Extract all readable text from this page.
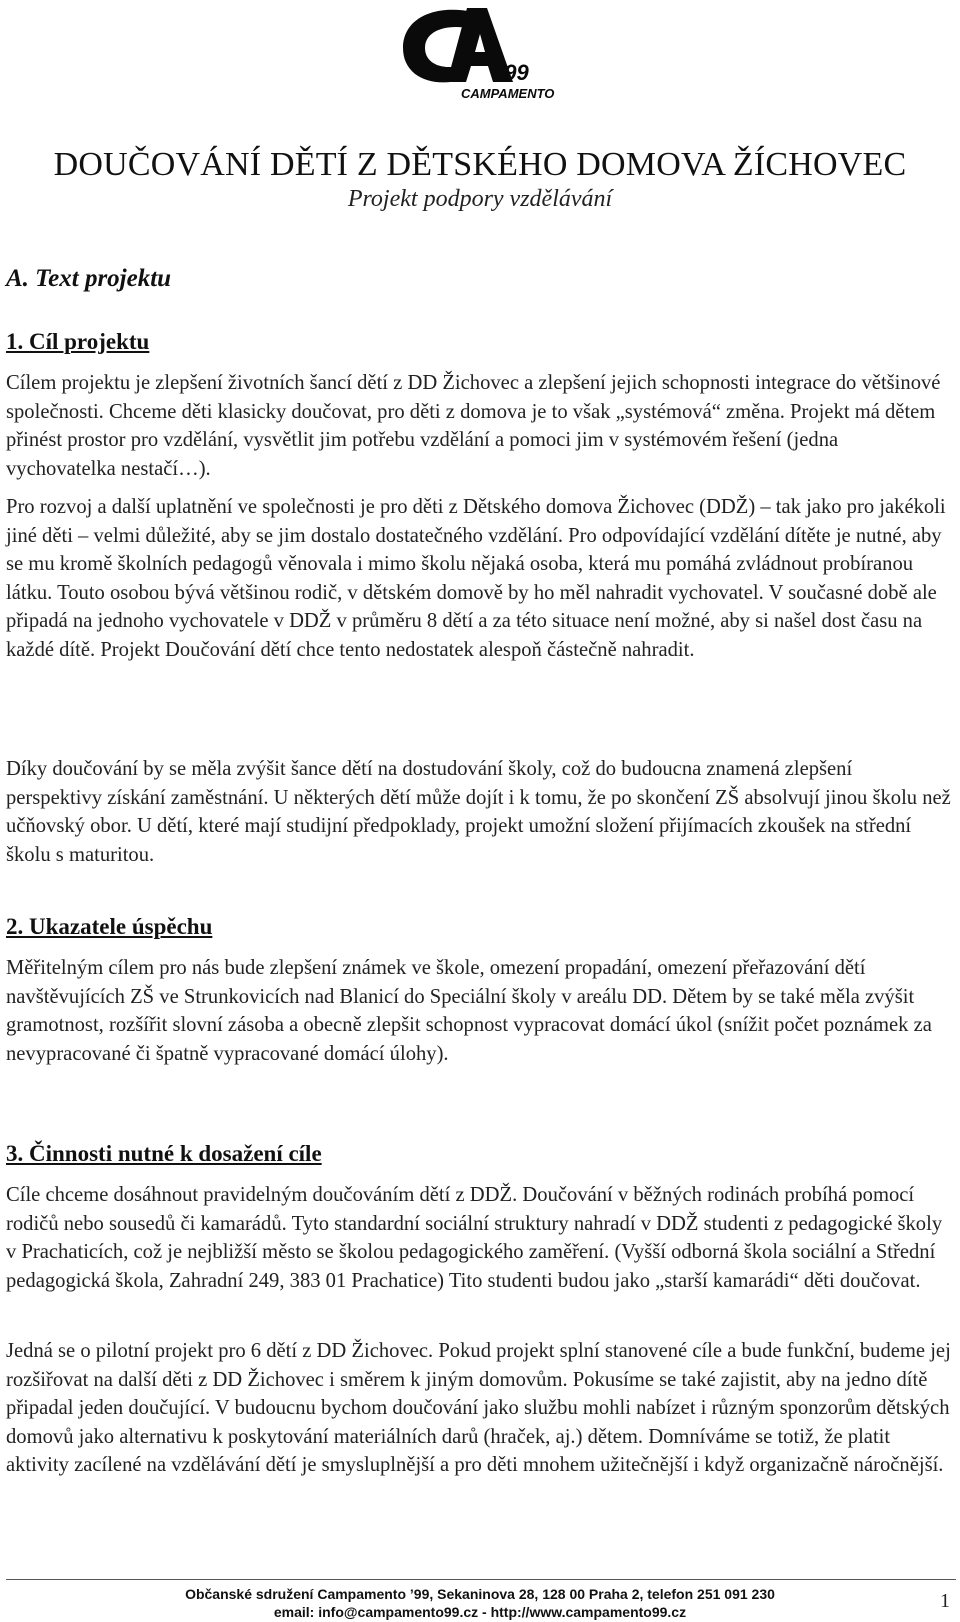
'99
CAMPAMENTO
DOUČOVÁNÍ DĚTÍ Z DĚTSKÉHO DOMOVA ŽÍCHOVEC
Projekt podpory vzdělávání
A. Text projektu
1. Cíl projektu
Cílem projektu je zlepšení životních šancí dětí z DD Žichovec a zlepšení jejich schopnosti integrace do většinové společnosti. Chceme děti klasicky doučovat, pro děti z domova je to však „systémová“ změna. Projekt má dětem přinést prostor pro vzdělání, vysvětlit jim potřebu vzdělání a pomoci jim v systémovém řešení (jedna vychovatelka nestačí…).
Pro rozvoj a další uplatnění ve společnosti je pro děti z Dětského domova Žichovec (DDŽ) – tak jako pro jakékoli jiné děti – velmi důležité, aby se jim dostalo dostatečného vzdělání. Pro odpovídající vzdělání dítěte je nutné, aby se mu kromě školních pedagogů věnovala i mimo školu nějaká osoba, která mu pomáhá zvládnout probíranou látku. Touto osobou bývá většinou rodič, v dětském domově by ho měl nahradit vychovatel. V současné době ale připadá na jednoho vychovatele v DDŽ v průměru 8 dětí a za této situace není možné, aby si našel dost času na každé dítě. Projekt Doučování dětí chce tento nedostatek alespoň částečně nahradit.
Díky doučování by se měla zvýšit šance dětí na dostudování školy, což do budoucna znamená zlepšení perspektivy získání zaměstnání. U některých dětí může dojít i k tomu, že po skončení ZŠ absolvují jinou školu než učňovský obor. U dětí, které mají studijní předpoklady, projekt umožní složení přijímacích zkoušek na střední školu s maturitou.
2. Ukazatele úspěchu
Měřitelným cílem pro nás bude zlepšení známek ve škole, omezení propadání, omezení přeřazování dětí navštěvujících ZŠ ve Strunkovicích nad Blanicí do Speciální školy v areálu DD. Dětem by se také měla zvýšit gramotnost, rozšířit slovní zásoba a obecně zlepšit schopnost vypracovat domácí úkol (snížit počet poznámek za nevypracované či špatně vypracované domácí úlohy).
3. Činnosti nutné k dosažení cíle
Cíle chceme dosáhnout pravidelným doučováním dětí z DDŽ. Doučování v běžných rodinách probíhá pomocí rodičů nebo sousedů či kamarádů. Tyto standardní sociální struktury nahradí v DDŽ studenti z pedagogické školy v Prachaticích, což je nejbližší město se školou pedagogického zaměření. (Vyšší odborná škola sociální a Střední pedagogická škola, Zahradní 249, 383 01 Prachatice) Tito studenti budou jako „starší kamarádi“ děti doučovat.
Jedná se o pilotní projekt pro 6 dětí z DD Žichovec. Pokud projekt splní stanovené cíle a bude funkční, budeme jej rozšiřovat na další děti z DD Žichovec i směrem k jiným domovům. Pokusíme se také zajistit, aby na jedno dítě připadal jeden doučující. V budoucnu bychom doučování jako službu mohli nabízet i různým sponzorům dětských domovů jako alternativu k poskytování materiálních darů (hraček, aj.) dětem. Domníváme se totiž, že platit aktivity zacílené na vzdělávání dětí je smysluplnější a pro děti mnohem užitečnější i když organizačně náročnější.
Občanské sdružení Campamento ’99, Sekaninova 28, 128 00 Praha 2, telefon 251 091 230
email: info@campamento99.cz - http://www.campamento99.cz	1
